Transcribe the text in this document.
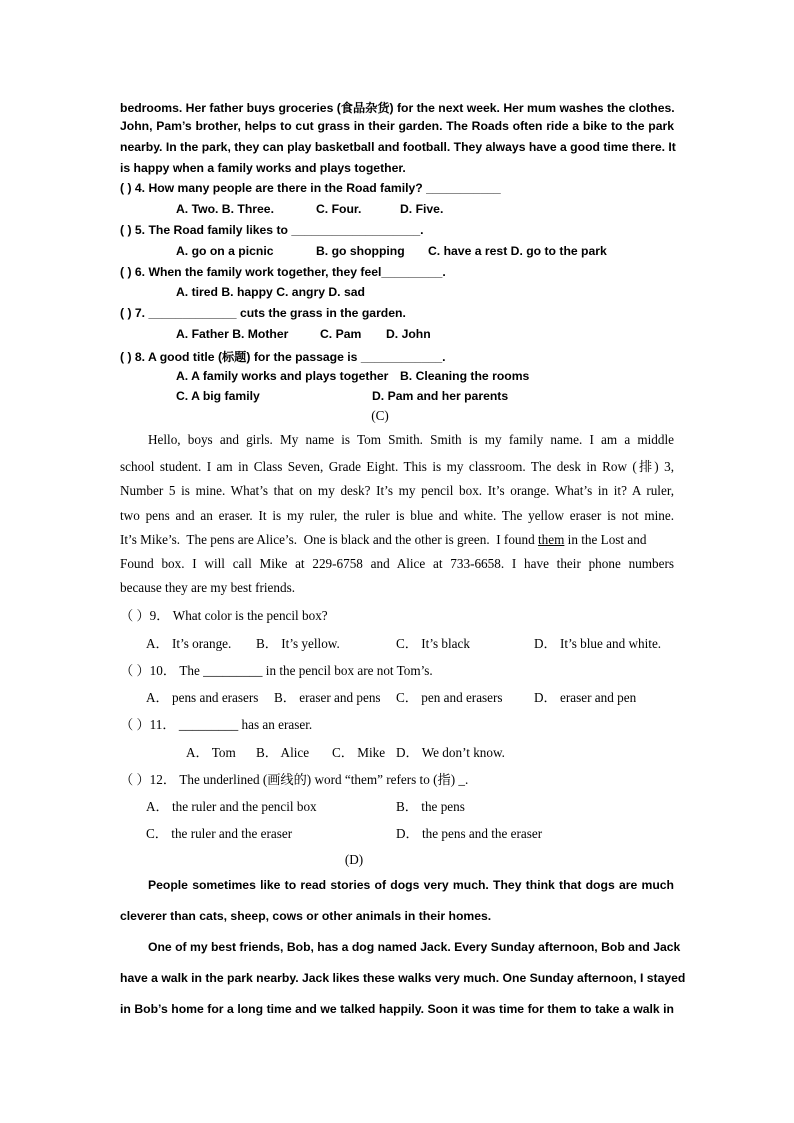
bedrooms. Her father buys groceries (食品杂货) for the next week. Her mum washes the clothes.
John, Pam’s brother, helps to cut grass in their garden. The Roads often ride a bike to the park
nearby. In the park, they can play basketball and football. They always have a good time there. It
is happy when a family works and plays together.
( ) 4. How many people are there in the Road family? ___________
A. Two. B. Three.	C. Four.	D. Five.
( ) 5. The Road family likes to ___________________.
A. go on a picnic	B. go shopping C. have a rest D. go to the park
( ) 6. When the family work together, they feel_________.
A. tired B. happy C. angry D. sad
( ) 7. _____________ cuts the grass in the garden.
A. Father B. Mother	C. Pam D. John
( ) 8. A good title (标题) for the passage is ____________.
A. A family works and plays together B. Cleaning the rooms
C. A big family	D. Pam and her parents
(C)
Hello, boys and girls. My name is Tom Smith. Smith is my family name. I am a middle
school student. I am in Class Seven, Grade Eight. This is my classroom. The desk in Row (排) 3,
Number 5 is mine. What’s that on my desk? It’s my pencil box. It’s orange. What’s in it? A ruler,
two pens and an eraser. It is my ruler, the ruler is blue and white. The yellow eraser is not mine.
It’s Mike’s.  The pens are Alice’s.  One is black and the other is green.  I found them in the Lost and
Found box. I will call Mike at 229-6758 and Alice at 733-6658. I have their phone numbers
because they are my best friends.
（ ）9． What color is the pencil box?
A． It’s orange. B． It’s yellow.	C． It’s black	D． It’s blue and white.
（ ）10． The _________ in the pencil box are not Tom’s.
A． pens and erasers B． eraser and pens C． pen and erasers D． eraser and pen
（ ）11． _________ has an eraser.
A． Tom B． Alice C． Mike D． We don’t know.
（ ）12． The underlined (画线的) word “them” refers to (指) _.
A． the ruler and the pencil box	B． the pens
C． the ruler and the eraser	D． the pens and the eraser
(D)
People sometimes like to read stories of dogs very much. They think that dogs are much
cleverer than cats, sheep, cows or other animals in their homes.
One of my best friends, Bob, has a dog named Jack. Every Sunday afternoon, Bob and Jack
have a walk in the park nearby. Jack likes these walks very much. One Sunday afternoon, I stayed
in Bob’s home for a long time and we talked happily. Soon it was time for them to take a walk in
